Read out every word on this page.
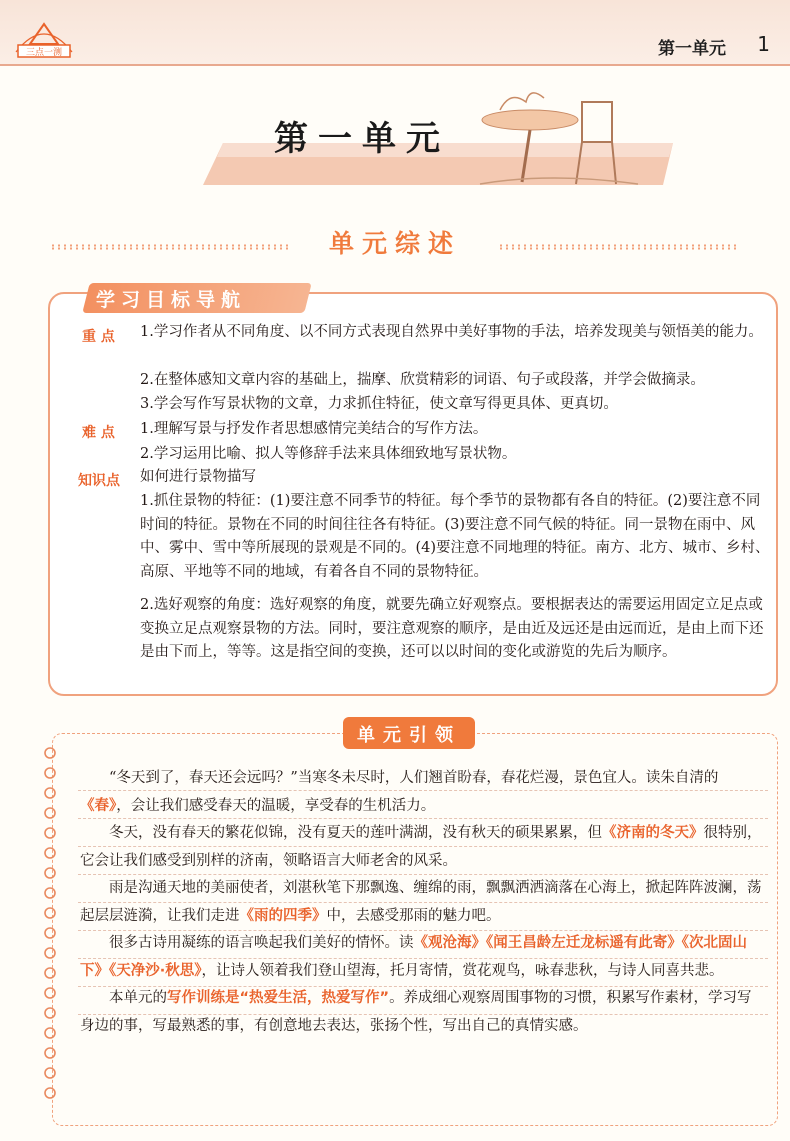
三点一测	第一单元 1
第一单元
单元综述
学习目标导航
重 点 1.学习作者从不同角度、以不同方式表现自然界中美好事物的手法，培养发现美与领悟美的能力。
2.在整体感知文章内容的基础上，揣摩、欣赏精彩的词语、句子或段落，并学会做摘录。
3.学会写作写景状物的文章，力求抓住特征，使文章写得更具体、更真切。
难 点 1.理解写景与抒发作者思想感情完美结合的写作方法。
2.学习运用比喻、拟人等修辞手法来具体细致地写景状物。
知识点 如何进行景物描写
1.抓住景物的特征：(1)要注意不同季节的特征。每个季节的景物都有各自的特征。(2)要注意不同时间的特征。景物在不同的时间往往各有特征。(3)要注意不同气候的特征。同一景物在雨中、风中、雾中、雪中等所展现的景观是不同的。(4)要注意不同地理的特征。南方、北方、城市、乡村、高原、平地等不同的地域，有着各自不同的景物特征。
2.选好观察的角度：选好观察的角度，就要先确立好观察点。要根据表达的需要运用固定立足点或变换立足点观察景物的方法。同时，要注意观察的顺序，是由近及远还是由远而近，是由上而下还是由下而上，等等。这是指空间的变换，还可以以时间的变化或游览的先后为顺序。
单元引领
“冬天到了，春天还会远吗？”当寒冬未尽时，人们翘首盼春，春花烂漫，景色宜人。读朱自清的《春》，会让我们感受春天的温暖，享受春的生机活力。
冬天，没有春天的繁花似锦，没有夏天的莲叶满湖，没有秋天的硕果累累，但《济南的冬天》很特别，它会让我们感受到别样的济南，领略语言大师老舍的风采。
雨是沟通天地的美丽使者，刘湛秋笔下那飘逸、缠绵的雨，飘飘洒洒滴落在心海上，掀起阵阵波澜，荡起层层涟漪，让我们走进《雨的四季》中，去感受那雨的魅力吧。
很多古诗用凝练的语言唤起我们美好的情怀。读《观沧海》《闻王昌龄左迁龙标遥有此寄》《次北固山下》《天净沙·秋思》，让诗人领着我们登山望海，托月寄情，赏花观鸟，咏春悲秋，与诗人同喜共悲。
本单元的写作训练是“热爱生活，热爱写作”。养成细心观察周围事物的习惯，积累写作素材，学习写身边的事，写最熟悉的事，有创意地去表达，张扬个性，写出自己的真情实感。
